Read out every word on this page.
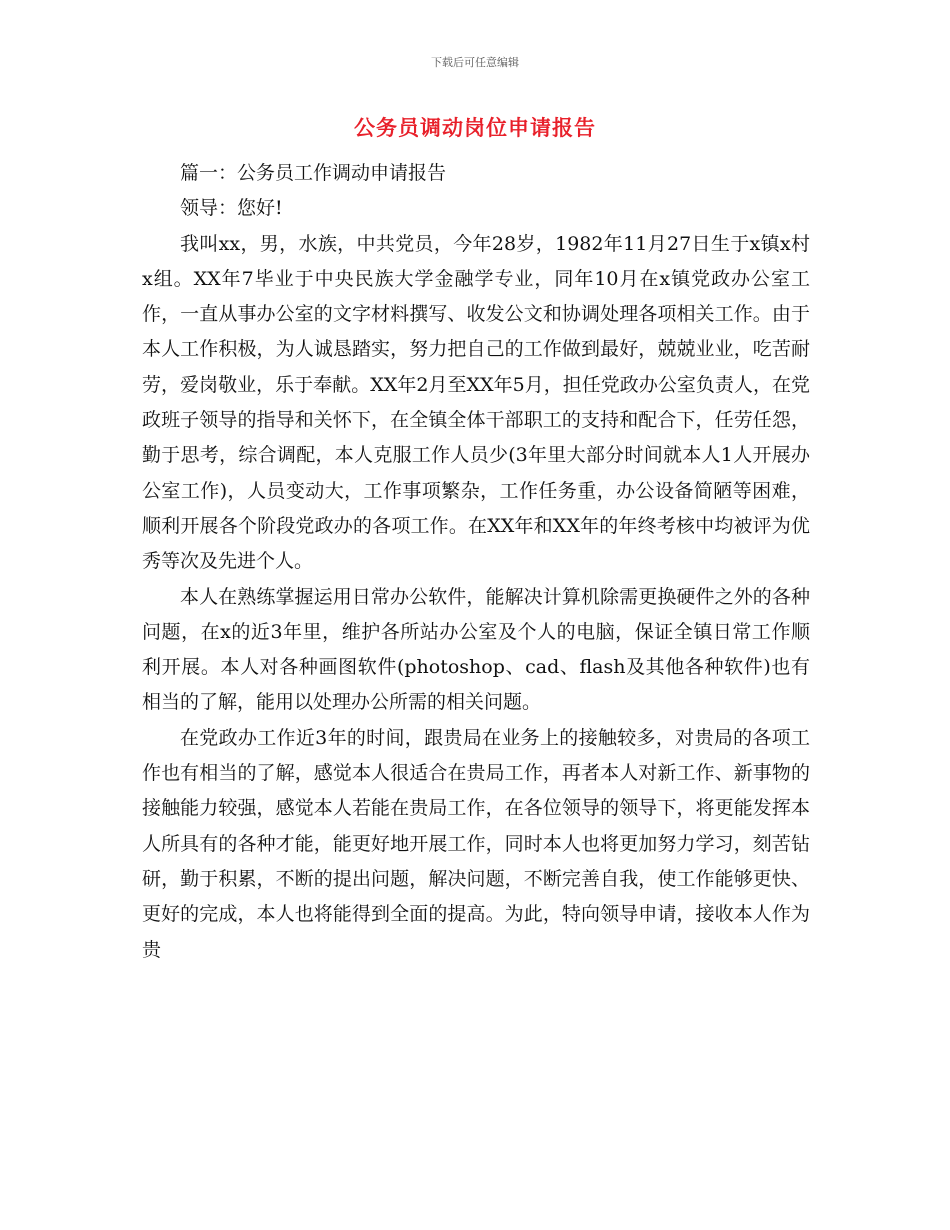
下载后可任意编辑
公务员调动岗位申请报告

篇一：公务员工作调动申请报告

领导：您好!

我叫xx，男，水族，中共党员，今年28岁，1982年11月27日生于x镇x村x组。XX年7毕业于中央民族大学金融学专业，同年10月在x镇党政办公室工作，一直从事办公室的文字材料撰写、收发公文和协调处理各项相关工作。由于本人工作积极，为人诚恳踏实，努力把自己的工作做到最好，兢兢业业，吃苦耐劳，爱岗敬业，乐于奉献。XX年2月至XX年5月，担任党政办公室负责人，在党政班子领导的指导和关怀下，在全镇全体干部职工的支持和配合下，任劳任怨，勤于思考，综合调配，本人克服工作人员少(3年里大部分时间就本人1人开展办公室工作)，人员变动大，工作事项繁杂，工作任务重，办公设备简陋等困难，顺利开展各个阶段党政办的各项工作。在XX年和XX年的年终考核中均被评为优秀等次及先进个人。

本人在熟练掌握运用日常办公软件，能解决计算机除需更换硬件之外的各种问题，在x的近3年里，维护各所站办公室及个人的电脑，保证全镇日常工作顺利开展。本人对各种画图软件(photoshop、cad、flash及其他各种软件)也有相当的了解，能用以处理办公所需的相关问题。

在党政办工作近3年的时间，跟贵局在业务上的接触较多，对贵局的各项工作也有相当的了解，感觉本人很适合在贵局工作，再者本人对新工作、新事物的接触能力较强，感觉本人若能在贵局工作，在各位领导的领导下，将更能发挥本人所具有的各种才能，能更好地开展工作，同时本人也将更加努力学习，刻苦钻研，勤于积累，不断的提出问题，解决问题，不断完善自我，使工作能够更快、更好的完成，本人也将能得到全面的提高。为此，特向领导申请，接收本人作为贵
